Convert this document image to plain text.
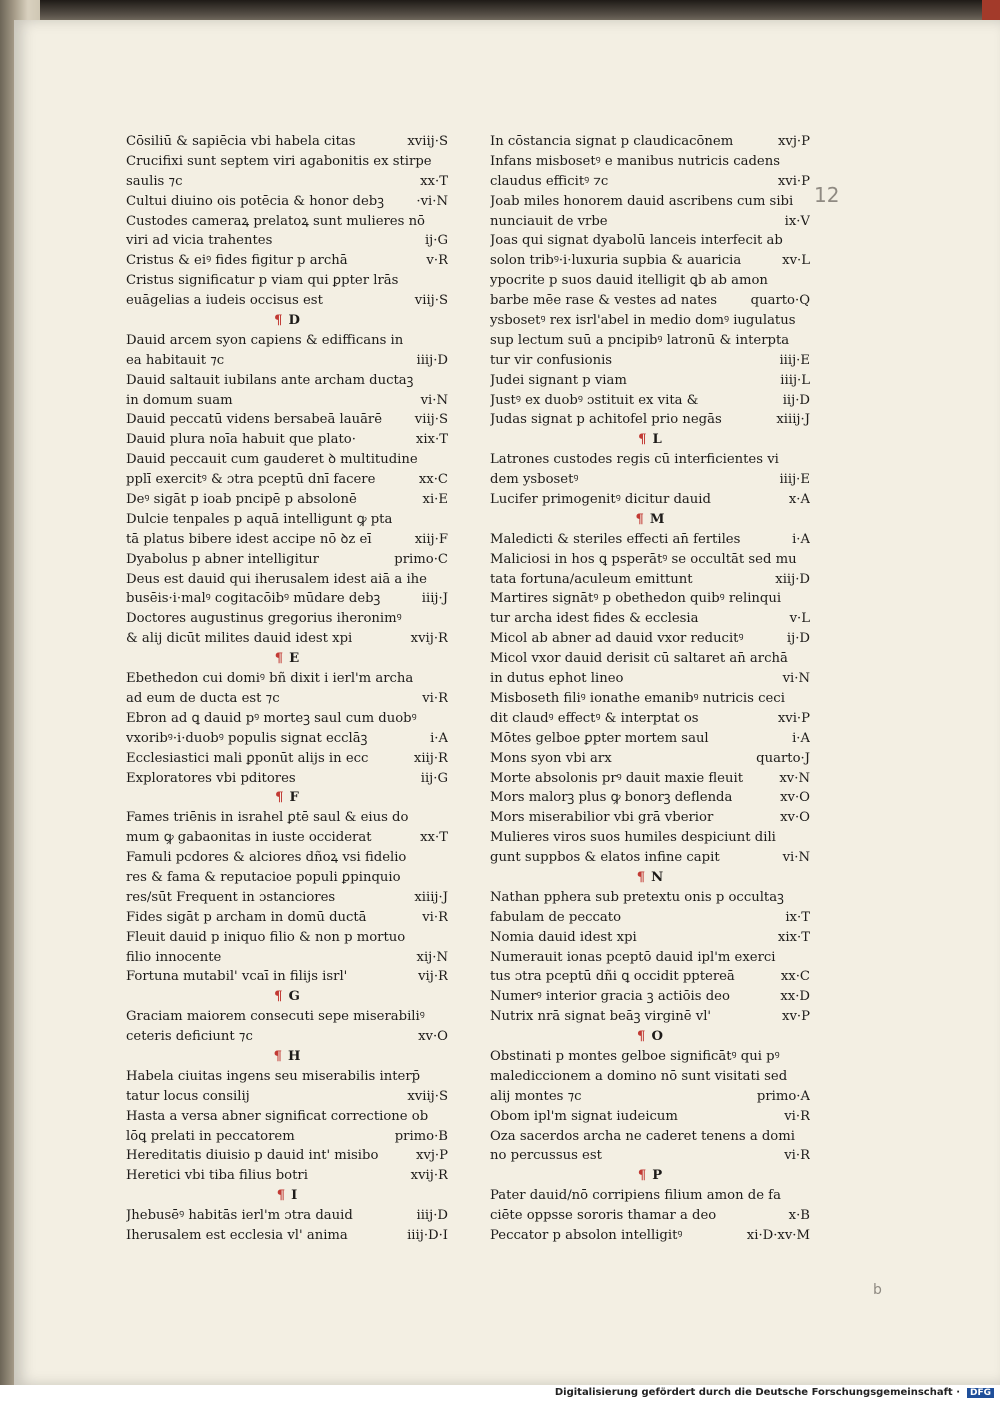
Cōsiliū & sapiēcia vbi habela citas	xviij·S
Crucifixi sunt septem viri agabonitis ex stirpe
saulis ⁊c	xx·T
Cultui diuino ois potēcia & honor debꝫ	·vi·N
Custodes cameraꝝ prelatoꝝ sunt mulieres nō
viri ad vicia trahentes	ij·G
Cristus & eiꝰ fides figitur p archā	v·R
Cristus significatur p viam qui ꝑpter lrās
euāgelias a iudeis occisus est	viij·S
¶ D
Dauid arcem syon capiens & edifficans in
ea habitauit ⁊c	iiij·D
Dauid saltauit iubilans ante archam ductaꝫ
in domum suam	vi·N
Dauid peccatū videns bersabeā lauārē	viij·S
Dauid plura noīa habuit que plato·	xix·T
Dauid peccauit cum gauderet ꝺ multitudine
pplī exercitꝰ & ɔtra pceptū dnī facere	xx·C
Deꝰ sigāt p ioab pncipē p absolonē	xi·E
Dulcie tenpales p aquā intelligunt ꝙ pta
tā platus bibere idest accipe nō ꝺz eī	xiij·F
Dyabolus p abner intelligitur	primo·C
Deus est dauid qui iherusalem idest aiā a ihe
busēis·i·malꝰ cogitacōibꝰ mūdare debꝫ	iiij·J
Doctores augustinus gregorius iheronimꝰ
& alij dicūt milites dauid idest xpi	xvij·R
¶ E
Ebethedon cui domiꝰ bñ dixit i ierl'm archa
ad eum de ducta est ⁊c	vi·R
Ebron ad ꝗ dauid pꝰ morteꝫ saul cum duobꝰ
vxoribꝰ·i·duobꝰ populis signat ecclāꝫ	i·A
Ecclesiastici mali ꝑponūt alijs in ecc	xiij·R
Exploratores vbi pditores	iij·G
¶ F
Fames triēnis in israhel ꝑtē saul & eius do
mum ꝙ gabaonitas in iuste occiderat	xx·T
Famuli pcdores & alciores dñoꝝ vsi fidelio
res & fama & reputacioe populi ꝑpinquio
res/sūt Frequent in ɔstanciores	xiiij·J
Fides sigāt p archam in domū ductā	vi·R
Fleuit dauid p iniquo filio & non p mortuo
filio innocente	xij·N
Fortuna mutabil' vcaī in filijs isrl'	vij·R
¶ G
Graciam maiorem consecuti sepe miserabiliꝰ
ceteris deficiunt ⁊c	xv·O
¶ H
Habela ciuitas ingens seu miserabilis interp̄
tatur locus consilij	xviij·S
Hasta a versa abner significat correctione ob
lōꝗ prelati in peccatorem	primo·B
Hereditatis diuisio p dauid int' misibo	xvj·P
Heretici vbi tiba filius botri	xvij·R
¶ I
Jhebusēꝰ habitās ierl'm ɔtra dauid	iiij·D
Iherusalem est ecclesia vl' anima	iiij·D·I
In cōstancia signat p claudicacōnem	xvj·P
Infans misbosetꝰ e manibus nutricis cadens
claudus efficitꝰ ⁊c	xvi·P
Joab miles honorem dauid ascribens cum sibi
nunciauit de vrbe	ix·V
Joas qui signat dyabolū lanceis interfecit ab
solon tribꝰ·i·luxuria supbia & auaricia	xv·L
ypocrite p suos dauid itelligit ꝗb ab amon
barbe mēe rase & vestes ad nates	quarto·Q
ysbosetꝰ rex isrl'abel in medio domꝰ iugulatus
sup lectum suū a pncipibꝰ latronū & interpta
tur vir confusionis	iiij·E
Judei signant p viam	iiij·L
Justꝰ ex duobꝰ ɔstituit ex vita &	iij·D
Judas signat p achitofel prio negās	xiiij·J
¶ L
Latrones custodes regis cū interficientes vi
dem ysbosetꝰ	iiij·E
Lucifer primogenitꝰ dicitur dauid	x·A
¶ M
Maledicti & steriles effecti an̄ fertiles	i·A
Maliciosi in hos ꝗ psperātꝰ se occultāt sed mu
tata fortuna/aculeum emittunt	xiij·D
Martires signātꝰ p obethedon quibꝰ relinqui
tur archa idest fides & ecclesia	v·L
Micol ab abner ad dauid vxor reducitꝰ	ij·D
Micol vxor dauid derisit cū saltaret an̄ archā
in dutus ephot lineo	vi·N
Misboseth filiꝰ ionathe emanibꝰ nutricis ceci
dit claudꝰ effectꝰ & interptat os	xvi·P
Mōtes gelboe ꝑpter mortem saul	i·A
Mons syon vbi arx	quarto·J
Morte absolonis prꝰ dauit maxie fleuit	xv·N
Mors malorꝫ plus ꝙ bonorꝫ deflenda	xv·O
Mors miserabilior vbi grā vberior	xv·O
Mulieres viros suos humiles despiciunt dili
gunt suppbos & elatos infine capit	vi·N
¶ N
Nathan pphera sub pretextu onis p occultaꝫ
fabulam de peccato	ix·T
Nomia dauid idest xpi	xix·T
Numerauit ionas pceptō dauid ipl'm exerci
tus ɔtra pceptū dñi ꝗ occidit pptereā	xx·C
Numerꝰ interior gracia ꝫ actiōis deo	xx·D
Nutrix nrā signat beāꝫ virginē vl'	xv·P
¶ O
Obstinati p montes gelboe significātꝰ qui pꝰ
malediccionem a domino nō sunt visitati sed
alij montes ⁊c	primo·A
Obom ipl'm signat iudeicum	vi·R
Oza sacerdos archa ne caderet tenens a domi
no percussus est	vi·R
¶ P
Pater dauid/nō corripiens filium amon de fa
ciēte oppsse sororis thamar a deo	x·B
Peccator p absolon intelligitꝰ	xi·D·xv·M
12
b
Digitalisierung gefördert durch die Deutsche Forschungsgemeinschaft ·	DFG
